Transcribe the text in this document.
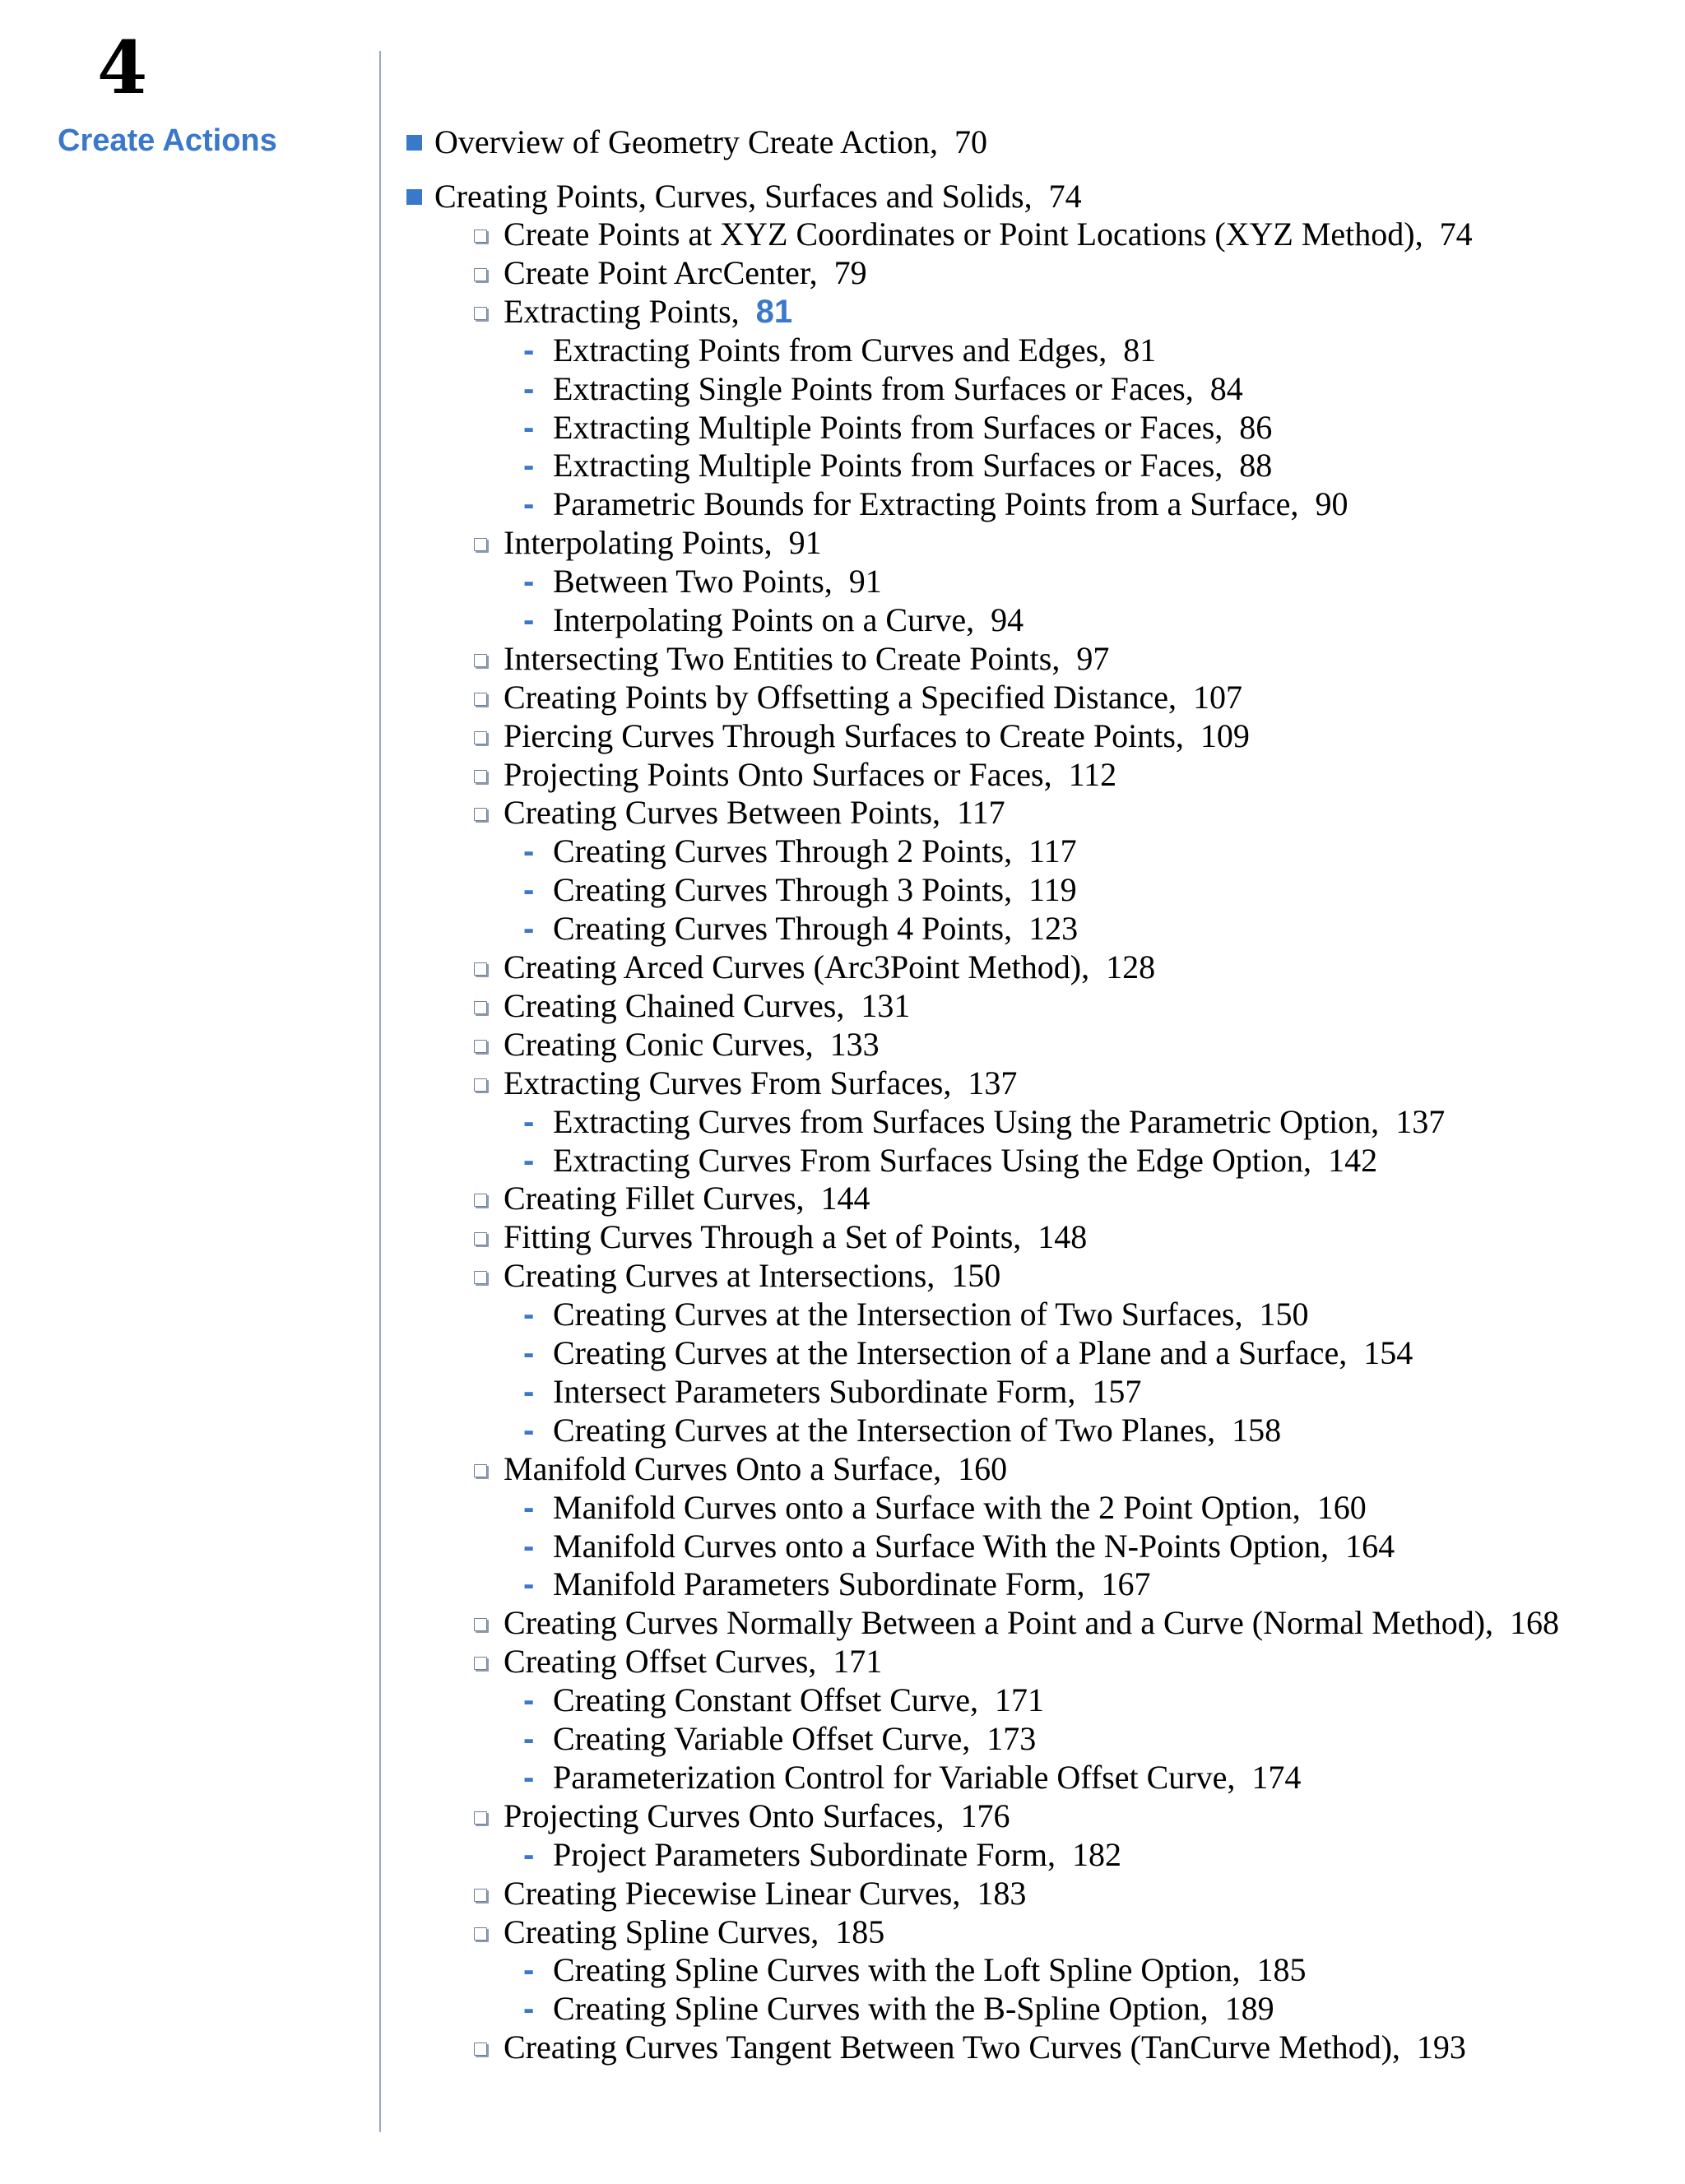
4
Create Actions	Overview of Geometry Create Action, 70
Creating Points, Curves, Surfaces and Solids, 74
Create Points at XYZ Coordinates or Point Locations (XYZ Method), 74
Create Point ArcCenter, 79
Extracting Points, 81
- Extracting Points from Curves and Edges, 81
- Extracting Single Points from Surfaces or Faces, 84
- Extracting Multiple Points from Surfaces or Faces, 86
- Extracting Multiple Points from Surfaces or Faces, 88
- Parametric Bounds for Extracting Points from a Surface, 90
Interpolating Points, 91
- Between Two Points, 91
- Interpolating Points on a Curve, 94
Intersecting Two Entities to Create Points, 97
Creating Points by Offsetting a Specified Distance, 107
Piercing Curves Through Surfaces to Create Points, 109
Projecting Points Onto Surfaces or Faces, 112
Creating Curves Between Points, 117
- Creating Curves Through 2 Points, 117
- Creating Curves Through 3 Points, 119
- Creating Curves Through 4 Points, 123
Creating Arced Curves (Arc3Point Method), 128
Creating Chained Curves, 131
Creating Conic Curves, 133
Extracting Curves From Surfaces, 137
- Extracting Curves from Surfaces Using the Parametric Option, 137
- Extracting Curves From Surfaces Using the Edge Option, 142
Creating Fillet Curves, 144
Fitting Curves Through a Set of Points, 148
Creating Curves at Intersections, 150
- Creating Curves at the Intersection of Two Surfaces, 150
- Creating Curves at the Intersection of a Plane and a Surface, 154
- Intersect Parameters Subordinate Form, 157
- Creating Curves at the Intersection of Two Planes, 158
Manifold Curves Onto a Surface, 160
- Manifold Curves onto a Surface with the 2 Point Option, 160
- Manifold Curves onto a Surface With the N-Points Option, 164
- Manifold Parameters Subordinate Form, 167
Creating Curves Normally Between a Point and a Curve (Normal Method), 168
Creating Offset Curves, 171
- Creating Constant Offset Curve, 171
- Creating Variable Offset Curve, 173
- Parameterization Control for Variable Offset Curve, 174
Projecting Curves Onto Surfaces, 176
- Project Parameters Subordinate Form, 182
Creating Piecewise Linear Curves, 183
Creating Spline Curves, 185
- Creating Spline Curves with the Loft Spline Option, 185
- Creating Spline Curves with the B-Spline Option, 189
Creating Curves Tangent Between Two Curves (TanCurve Method), 193
